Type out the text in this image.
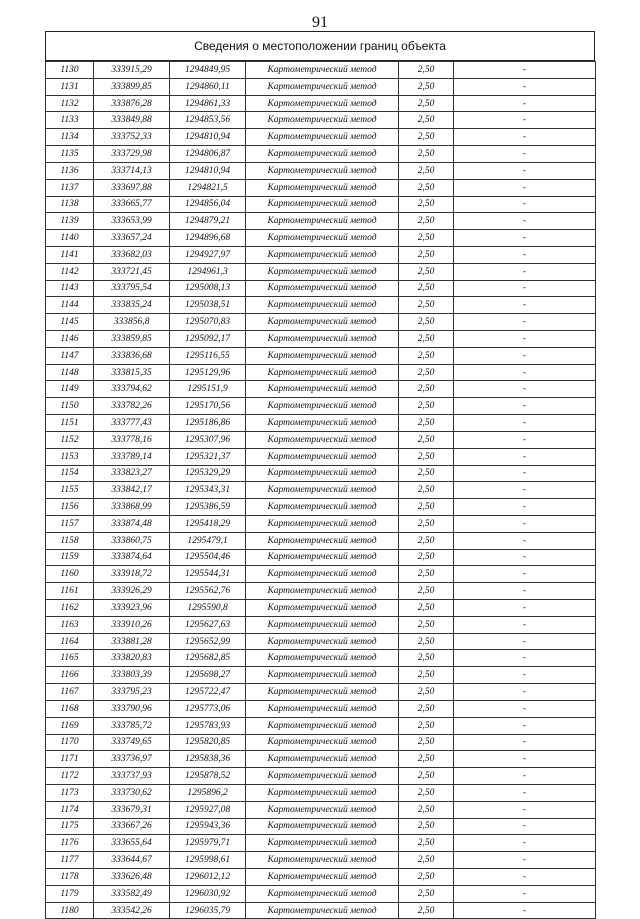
91
Сведения о местоположении границ объекта
1130	333915,29	1294849,95	Картометрический метод	2,50	-
1131	333899,85	1294860,11	Картометрический метод	2,50	-
1132	333876,28	1294861,33	Картометрический метод	2,50	-
1133	333849,88	1294853,56	Картометрический метод	2,50	-
1134	333752,33	1294810,94	Картометрический метод	2,50	-
1135	333729,98	1294806,87	Картометрический метод	2,50	-
1136	333714,13	1294810,94	Картометрический метод	2,50	-
1137	333697,88	1294821,5	Картометрический метод	2,50	-
1138	333665,77	1294856,04	Картометрический метод	2,50	-
1139	333653,99	1294879,21	Картометрический метод	2,50	-
1140	333657,24	1294896,68	Картометрический метод	2,50	-
1141	333682,03	1294927,97	Картометрический метод	2,50	-
1142	333721,45	1294961,3	Картометрический метод	2,50	-
1143	333795,54	1295008,13	Картометрический метод	2,50	-
1144	333835,24	1295038,51	Картометрический метод	2,50	-
1145	333856,8	1295070,83	Картометрический метод	2,50	-
1146	333859,85	1295092,17	Картометрический метод	2,50	-
1147	333836,68	1295116,55	Картометрический метод	2,50	-
1148	333815,35	1295129,96	Картометрический метод	2,50	-
1149	333794,62	1295151,9	Картометрический метод	2,50	-
1150	333782,26	1295170,56	Картометрический метод	2,50	-
1151	333777,43	1295186,86	Картометрический метод	2,50	-
1152	333778,16	1295307,96	Картометрический метод	2,50	-
1153	333789,14	1295321,37	Картометрический метод	2,50	-
1154	333823,27	1295329,29	Картометрический метод	2,50	-
1155	333842,17	1295343,31	Картометрический метод	2,50	-
1156	333868,99	1295386,59	Картометрический метод	2,50	-
1157	333874,48	1295418,29	Картометрический метод	2,50	-
1158	333860,75	1295479,1	Картометрический метод	2,50	-
1159	333874,64	1295504,46	Картометрический метод	2,50	-
1160	333918,72	1295544,31	Картометрический метод	2,50	-
1161	333926,29	1295562,76	Картометрический метод	2,50	-
1162	333923,96	1295590,8	Картометрический метод	2,50	-
1163	333910,26	1295627,63	Картометрический метод	2,50	-
1164	333881,28	1295652,99	Картометрический метод	2,50	-
1165	333820,83	1295682,85	Картометрический метод	2,50	-
1166	333803,39	1295698,27	Картометрический метод	2,50	-
1167	333795,23	1295722,47	Картометрический метод	2,50	-
1168	333790,96	1295773,06	Картометрический метод	2,50	-
1169	333785,72	1295783,93	Картометрический метод	2,50	-
1170	333749,65	1295820,85	Картометрический метод	2,50	-
1171	333736,97	1295838,36	Картометрический метод	2,50	-
1172	333737,93	1295878,52	Картометрический метод	2,50	-
1173	333730,62	1295896,2	Картометрический метод	2,50	-
1174	333679,31	1295927,08	Картометрический метод	2,50	-
1175	333667,26	1295943,36	Картометрический метод	2,50	-
1176	333655,64	1295979,71	Картометрический метод	2,50	-
1177	333644,67	1295998,61	Картометрический метод	2,50	-
1178	333626,48	1296012,12	Картометрический метод	2,50	-
1179	333582,49	1296030,92	Картометрический метод	2,50	-
1180	333542,26	1296035,79	Картометрический метод	2,50	-
